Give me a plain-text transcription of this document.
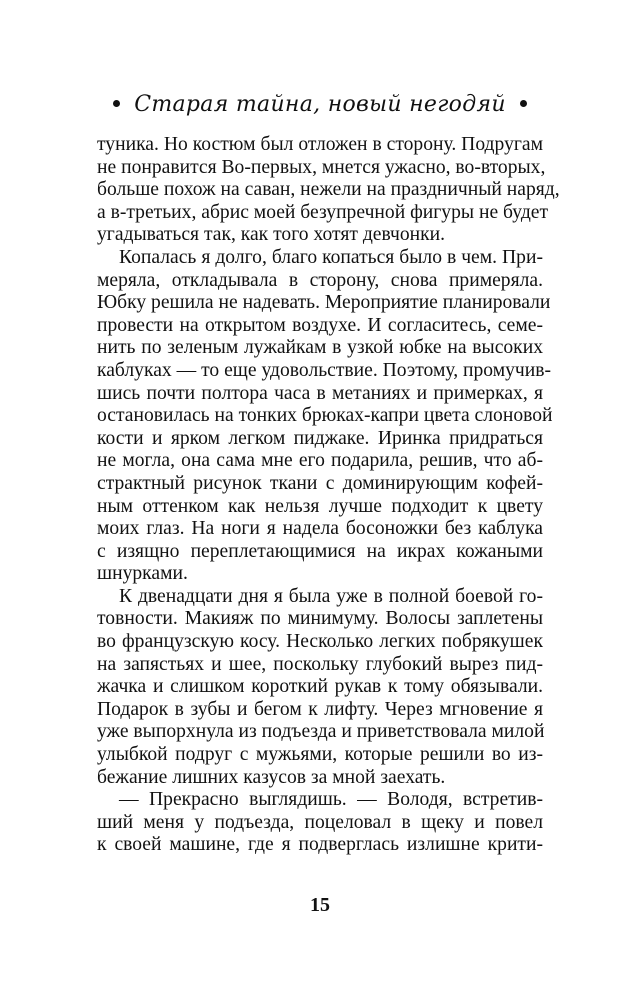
Старая тайна, новый негодяй
туника. Но костюм был отложен в сторону. Подругам
не понравится Во-первых, мнется ужасно, во-вторых,
больше похож на саван, нежели на праздничный наряд,
а в-третьих, абрис моей безупречной фигуры не будет
угадываться так, как того хотят девчонки.
Копалась я долго, благо копаться было в чем. При-
меряла, откладывала в сторону, снова примеряла.
Юбку решила не надевать. Мероприятие планировали
провести на открытом воздухе. И согласитесь, семе-
нить по зеленым лужайкам в узкой юбке на высоких
каблуках — то еще удовольствие. Поэтому, промучив-
шись почти полтора часа в метаниях и примерках, я
остановилась на тонких брюках-капри цвета слоновой
кости и ярком легком пиджаке. Иринка придраться
не могла, она сама мне его подарила, решив, что аб-
страктный рисунок ткани с доминирующим кофей-
ным оттенком как нельзя лучше подходит к цвету
моих глаз. На ноги я надела босоножки без каблука
с изящно переплетающимися на икрах кожаными
шнурками.
К двенадцати дня я была уже в полной боевой го-
товности. Макияж по минимуму. Волосы заплетены
во французскую косу. Несколько легких побрякушек
на запястьях и шее, поскольку глубокий вырез пид-
жачка и слишком короткий рукав к тому обязывали.
Подарок в зубы и бегом к лифту. Через мгновение я
уже выпорхнула из подъезда и приветствовала милой
улыбкой подруг с мужьями, которые решили во из-
бежание лишних казусов за мной заехать.
— Прекрасно выглядишь. — Володя, встретив-
ший меня у подъезда, поцеловал в щеку и повел
к своей машине, где я подверглась излишне крити-
15
